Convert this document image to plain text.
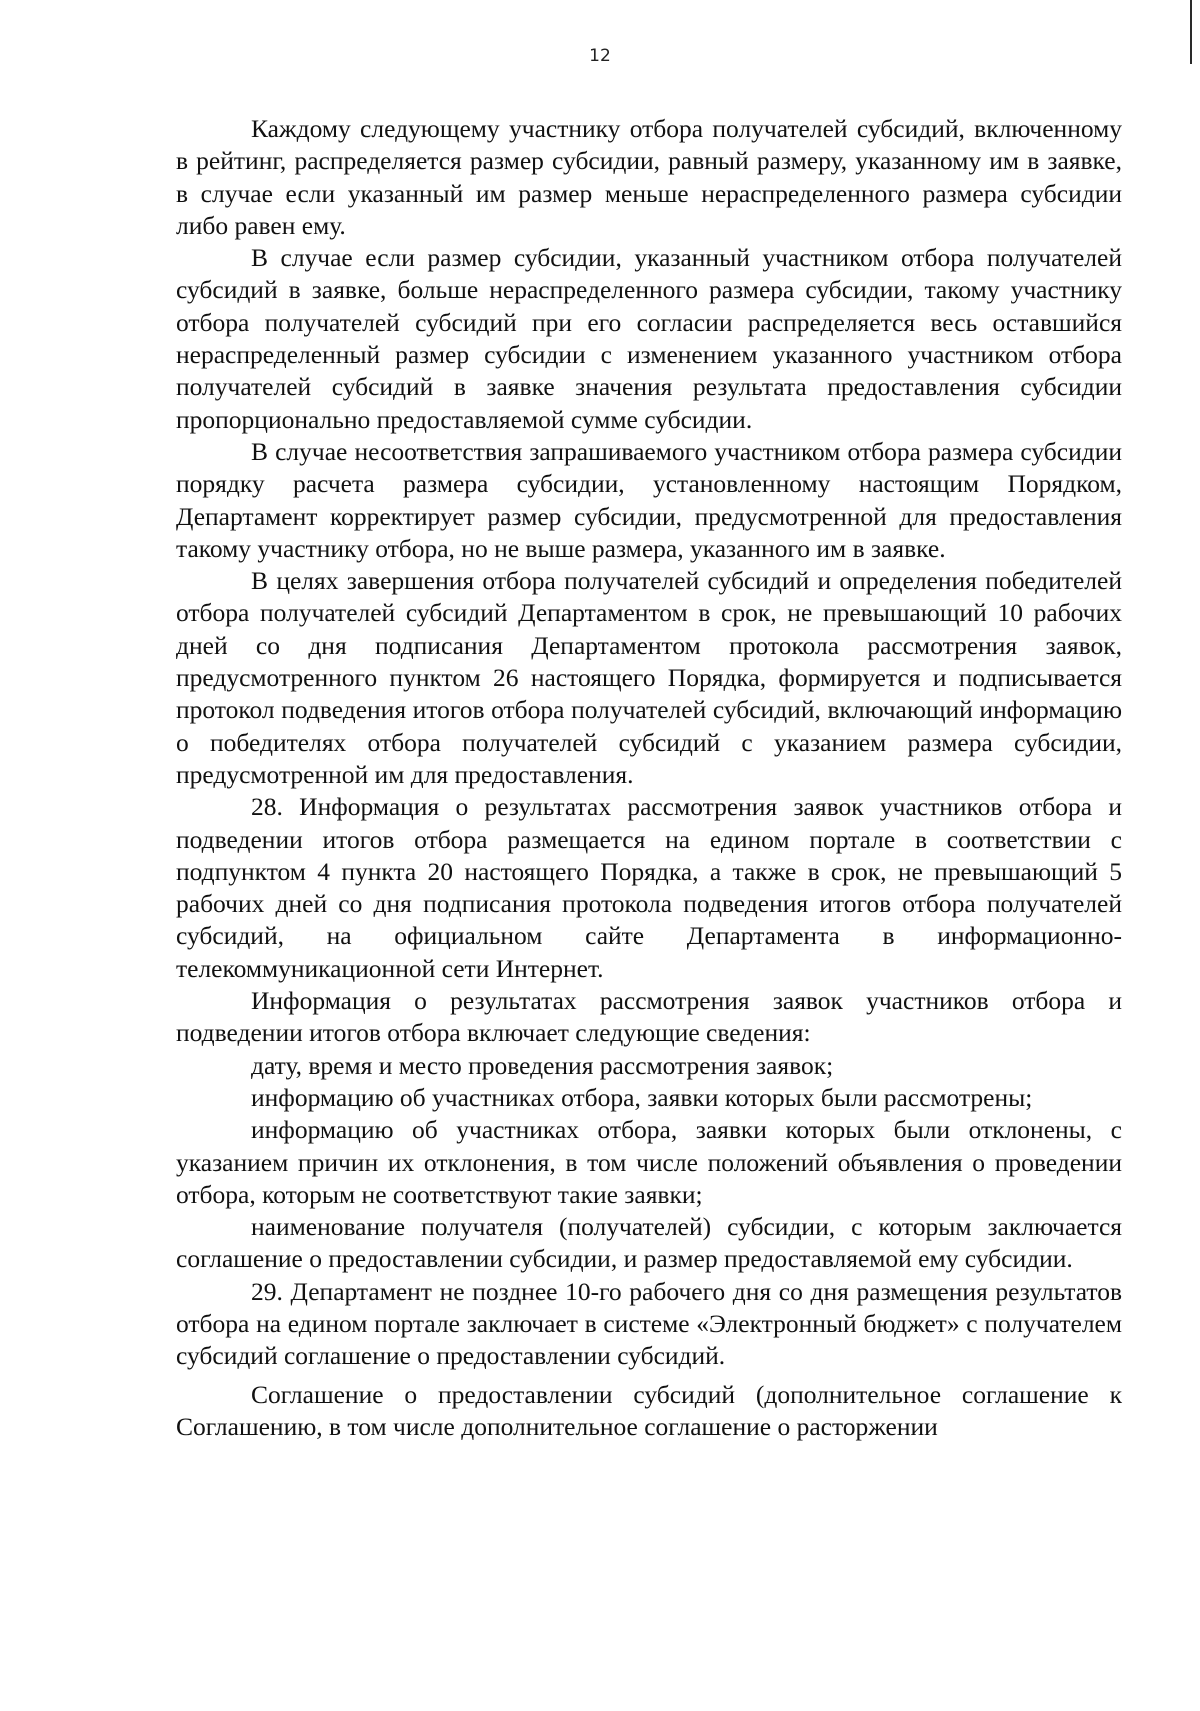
12

Каждому следующему участнику отбора получателей субсидий, включенному в рейтинг, распределяется размер субсидии, равный размеру, указанному им в заявке, в случае если указанный им размер меньше нераспределенного размера субсидии либо равен ему.

В случае если размер субсидии, указанный участником отбора получателей субсидий в заявке, больше нераспределенного размера субсидии, такому участнику отбора получателей субсидий при его согласии распределяется весь оставшийся нераспределенный размер субсидии с изменением указанного участником отбора получателей субсидий в заявке значения результата предоставления субсидии пропорционально предоставляемой сумме субсидии.

В случае несоответствия запрашиваемого участником отбора размера субсидии порядку расчета размера субсидии, установленному настоящим Порядком, Департамент корректирует размер субсидии, предусмотренной для предоставления такому участнику отбора, но не выше размера, указанного им в заявке.

В целях завершения отбора получателей субсидий и определения победителей отбора получателей субсидий Департаментом в срок, не превышающий 10 рабочих дней со дня подписания Департаментом протокола рассмотрения заявок, предусмотренного пунктом 26 настоящего Порядка, формируется и подписывается протокол подведения итогов отбора получателей субсидий, включающий информацию о победителях отбора получателей субсидий с указанием размера субсидии, предусмотренной им для предоставления.

28. Информация о результатах рассмотрения заявок участников отбора и подведении итогов отбора размещается на едином портале в соответствии с подпунктом 4 пункта 20 настоящего Порядка, а также в срок, не превышающий 5 рабочих дней со дня подписания протокола подведения итогов отбора получателей субсидий, на официальном сайте Департамента в информационно-телекоммуникационной сети Интернет.

Информация о результатах рассмотрения заявок участников отбора и подведении итогов отбора включает следующие сведения:

дату, время и место проведения рассмотрения заявок;

информацию об участниках отбора, заявки которых были рассмотрены;

информацию об участниках отбора, заявки которых были отклонены, с указанием причин их отклонения, в том числе положений объявления о проведении отбора, которым не соответствуют такие заявки;

наименование получателя (получателей) субсидии, с которым заключается соглашение о предоставлении субсидии, и размер предоставляемой ему субсидии.

29. Департамент не позднее 10-го рабочего дня со дня размещения результатов отбора на едином портале заключает в системе «Электронный бюджет» с получателем субсидий соглашение о предоставлении субсидий.

Соглашение о предоставлении субсидий (дополнительное соглашение к Соглашению, в том числе дополнительное соглашение о расторжении
